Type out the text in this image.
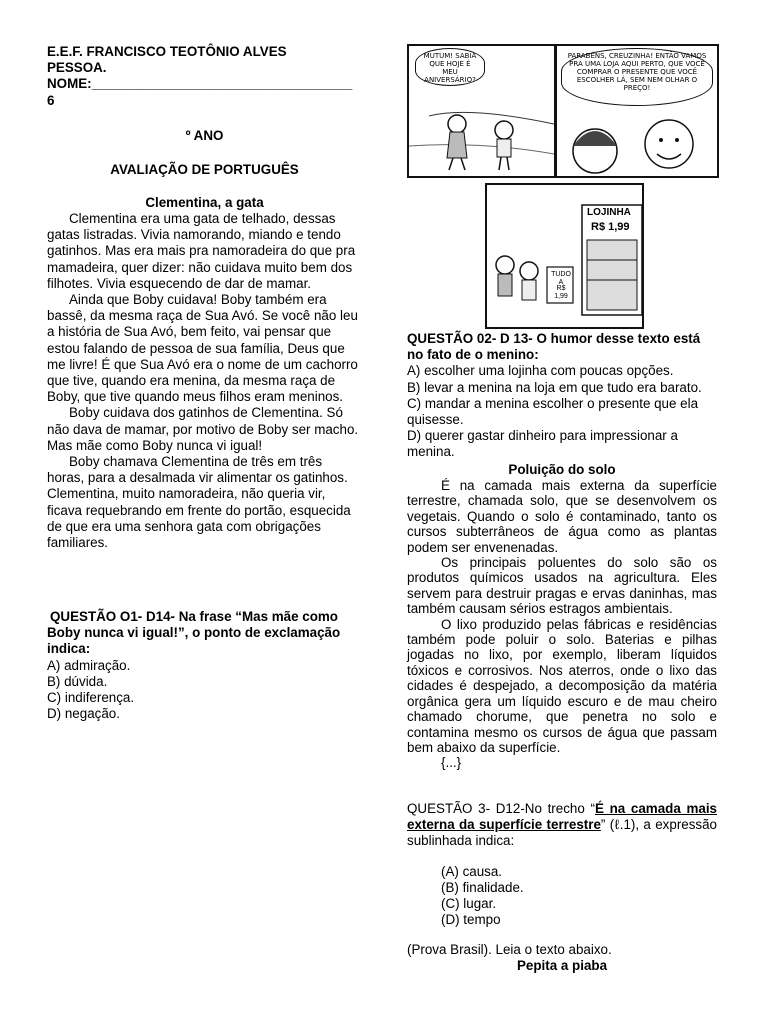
E.E.F. FRANCISCO TEOTÔNIO ALVES

PESSOA.

NOME:___________________________________

6

º ANO
AVALIAÇÃO DE PORTUGUÊS
Clementina, a gata

Clementina era uma gata de telhado, dessas gatas listradas. Vivia namorando, miando e tendo gatinhos. Mas era mais pra namoradeira do que pra mamadeira, quer dizer: não cuidava muito bem dos filhotes. Vivia esquecendo de dar de mamar.

Ainda que Boby cuidava! Boby também era bassê, da mesma raça de Sua Avó. Se você não leu a história de Sua Avó, bem feito, vai pensar que estou falando de pessoa de sua família, Deus que me livre! É que Sua Avó era o nome de um cachorro que tive, quando era menina, da mesma raça de Boby, que tive quando meus filhos eram meninos.

Boby cuidava dos gatinhos de Clementina. Só não dava de mamar, por motivo de Boby ser macho. Mas mãe como Boby nunca vi igual!

Boby chamava Clementina de três em três horas, para a desalmada vir alimentar os gatinhos. Clementina, muito namoradeira, não queria vir, ficava requebrando em frente do portão, esquecida de que era uma senhora gata com obrigações familiares.

QUESTÃO O1- D14- Na frase “Mas mãe como Boby nunca vi igual!”, o ponto de exclamação indica:

A) admiração.

B) dúvida.

C) indiferença.

D) negação.

MUTUM! SABIA QUE HOJE É MEU ANIVERSÁRIO?
PARABÉNS, CREUZINHA! ENTÃO VAMOS PRA UMA LOJA AQUI PERTO, QUE VOCÊ COMPRAR O PRESENTE QUE VOCÊ ESCOLHER LÁ, SEM NEM OLHAR O PREÇO!
LOJINHA
R$ 1,99
TUDO A
R$ 1,99

QUESTÃO 02- D 13- O humor desse texto está no fato de o menino:

A) escolher uma lojinha com poucas opções.

B) levar a menina na loja em que tudo era barato.

C) mandar a menina escolher o presente que ela quisesse.

D) querer gastar dinheiro para impressionar a menina.

Poluição do solo

É na camada mais externa da superfície terrestre, chamada solo, que se desenvolvem os vegetais. Quando o solo é contaminado, tanto os cursos subterrâneos de água como as plantas podem ser envenenadas.

Os principais poluentes do solo são os produtos químicos usados na agricultura. Eles servem para destruir pragas e ervas daninhas, mas também causam sérios estragos ambientais.

O lixo produzido pelas fábricas e residências também pode poluir o solo. Baterias e pilhas jogadas no lixo, por exemplo, liberam líquidos tóxicos e corrosivos. Nos aterros, onde o lixo das cidades é despejado, a decomposição da matéria orgânica gera um líquido escuro e de mau cheiro chamado chorume, que penetra no solo e contamina mesmo os cursos de água que passam bem abaixo da superfície.

{...}

QUESTÃO 3- D12-No trecho “É na camada mais externa da superfície terrestre” (ℓ.1), a expressão sublinhada indica:

(A) causa.

(B) finalidade.

(C) lugar.

(D) tempo

(Prova Brasil). Leia o texto abaixo.
Pepita a piaba
